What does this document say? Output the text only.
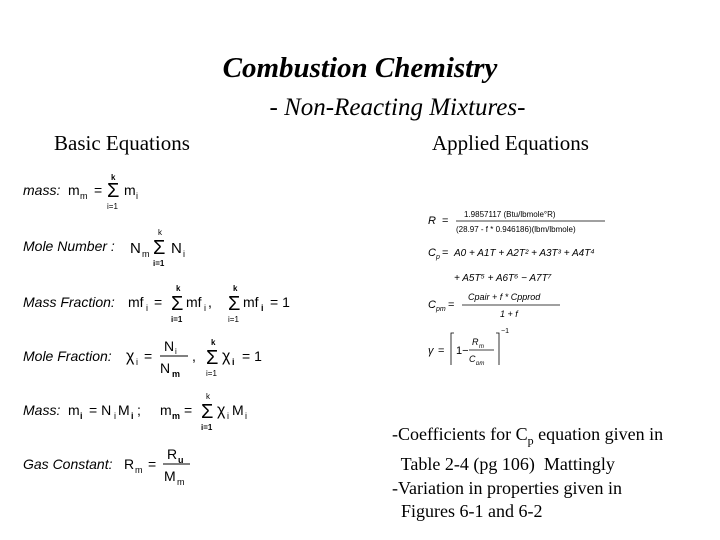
Combustion Chemistry
- Non-Reacting Mixtures-
Basic Equations	Applied Equations
mass: m m =
k
Σ
i=1
m i
Mole Number : N m
k
Σ
i=1
N i
Mass Fraction: mf i =
k
Σ
i=1
mf i ,
k
Σ
i=1
mf i = 1
Mole Fraction: χ i =
N i
N m
,
k
Σ
i=1
χ i = 1
Mass: m i = N i M i ; m m =
k
Σ
i=1
χ i M i
Gas Constant: R m =
R u
M m
R =
1.9857117 (Btu/lbmole°R)
(28.97 - f * 0.946186)(lbm/lbmole)
C p = A0 + A1T + A2T² + A3T³ + A4T⁴
+ A5T⁵ + A6T⁶ − A7T⁷
C pm =
Cpair + f * Cpprod
1 + f
γ = 1−
R m
C pm
−1
-Coefficients for $C_p$ equation given in
Table 2-4 (pg 106)  Mattingly
-Variation in properties given in
Figures 6-1 and 6-2
